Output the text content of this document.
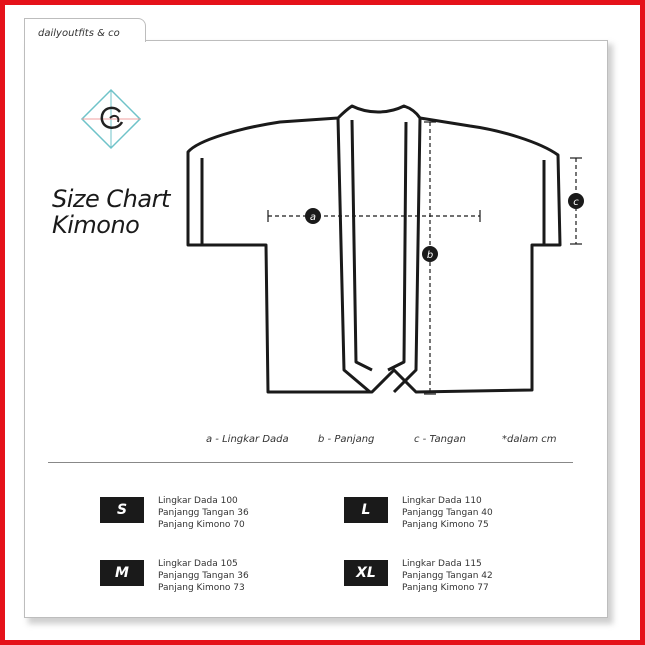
dailyoutfits & co
Size Chart
Kimono	a
b
c
a - Lingkar Dada	b - Panjang	c - Tangan	*dalam cm
S
Lingkar Dada 100
Panjangg Tangan 36
Panjang Kimono 70
L
Lingkar Dada 110
Panjangg Tangan 40
Panjang Kimono 75
M
Lingkar Dada 105
Panjangg Tangan 36
Panjang Kimono 73
XL
Lingkar Dada 115
Panjangg Tangan 42
Panjang Kimono 77
